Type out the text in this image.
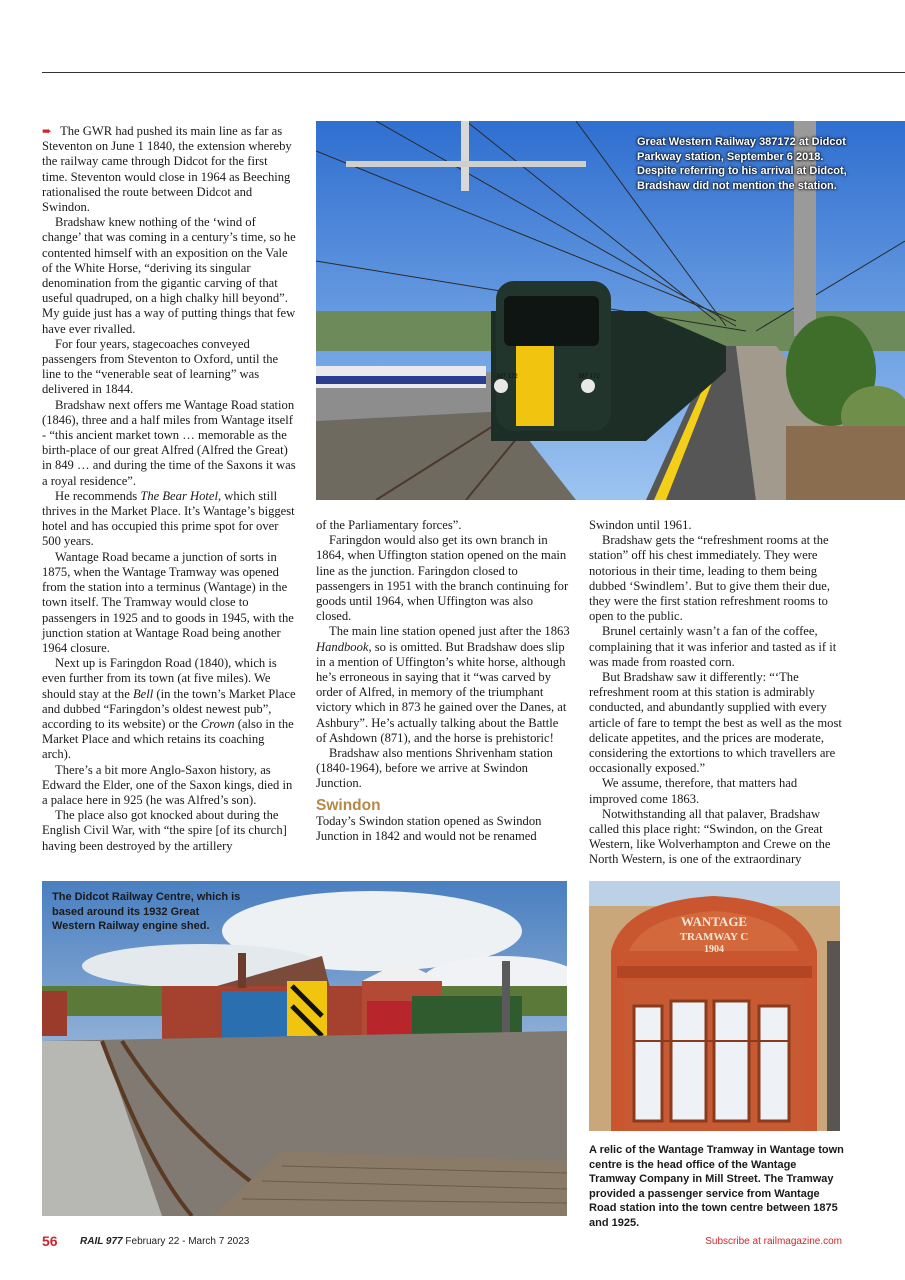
➨ The GWR had pushed its main line as far as Steventon on June 1 1840, the extension whereby the railway came through Didcot for the first time. Steventon would close in 1964 as Beeching rationalised the route between Didcot and Swindon.

Bradshaw knew nothing of the ‘wind of change’ that was coming in a century’s time, so he contented himself with an exposition on the Vale of the White Horse, “deriving its singular denomination from the gigantic carving of that useful quadruped, on a high chalky hill beyond”. My guide just has a way of putting things that few have ever rivalled.

For four years, stagecoaches conveyed passengers from Steventon to Oxford, until the line to the “venerable seat of learning” was delivered in 1844.

Bradshaw next offers me Wantage Road station (1846), three and a half miles from Wantage itself - “this ancient market town … memorable as the birth-place of our great Alfred (Alfred the Great) in 849 … and during the time of the Saxons it was a royal residence”.

He recommends The Bear Hotel, which still thrives in the Market Place. It’s Wantage’s biggest hotel and has occupied this prime spot for over 500 years.

Wantage Road became a junction of sorts in 1875, when the Wantage Tramway was opened from the station into a terminus (Wantage) in the town itself. The Tramway would close to passengers in 1925 and to goods in 1945, with the junction station at Wantage Road being another 1964 closure.

Next up is Faringdon Road (1840), which is even further from its town (at five miles). We should stay at the Bell (in the town’s Market Place and dubbed “Faringdon’s oldest newest pub”, according to its website) or the Crown (also in the Market Place and which retains its coaching arch).

There’s a bit more Anglo-Saxon history, as Edward the Elder, one of the Saxon kings, died in a palace here in 925 (he was Alfred’s son).

The place also got knocked about during the English Civil War, with “the spire [of its church] having been destroyed by the artillery

of the Parliamentary forces”.

Faringdon would also get its own branch in 1864, when Uffington station opened on the main line as the junction. Faringdon closed to passengers in 1951 with the branch continuing for goods until 1964, when Uffington was also closed.

The main line station opened just after the 1863 Handbook, so is omitted. But Bradshaw does slip in a mention of Uffington’s white horse, although he’s erroneous in saying that it “was carved by order of Alfred, in memory of the triumphant victory which in 873 he gained over the Danes, at Ashbury”. He’s actually talking about the Battle of Ashdown (871), and the horse is prehistoric!

Bradshaw also mentions Shrivenham station (1840-1964), before we arrive at Swindon Junction.

Swindon

Today’s Swindon station opened as Swindon Junction in 1842 and would not be renamed

Swindon until 1961.

Bradshaw gets the “refreshment rooms at the station” off his chest immediately. They were notorious in their time, leading to them being dubbed ‘Swindlem’. But to give them their due, they were the first station refreshment rooms to open to the public.

Brunel certainly wasn’t a fan of the coffee, complaining that it was inferior and tasted as if it was made from roasted corn.

But Bradshaw saw it differently: “‘The refreshment room at this station is admirably conducted, and abundantly supplied with every article of fare to tempt the best as well as the most delicate appetites, and the prices are moderate, considering the extortions to which travellers are occasionally exposed.”

We assume, therefore, that matters had improved come 1863.

Notwithstanding all that palaver, Bradshaw called this place right: “Swindon, on the Great Western, like Wolverhampton and Crewe on the North Western, is one of the extraordinary

387 172	387 172
Great Western Railway 387172 at Didcot Parkway station, September 6 2018. Despite referring to his arrival at Didcot, Bradshaw did not mention the station.
The Didcot Railway Centre, which is based around its 1932 Great Western Railway engine shed.	WANTAGE
TRAMWAY C
1904
A relic of the Wantage Tramway in Wantage town centre is the head office of the Wantage Tramway Company in Mill Street. The Tramway provided a passenger service from Wantage Road station into the town centre between 1875 and 1925.
56 RAIL 977 February 22 - March 7 2023	Subscribe at railmagazine.com
